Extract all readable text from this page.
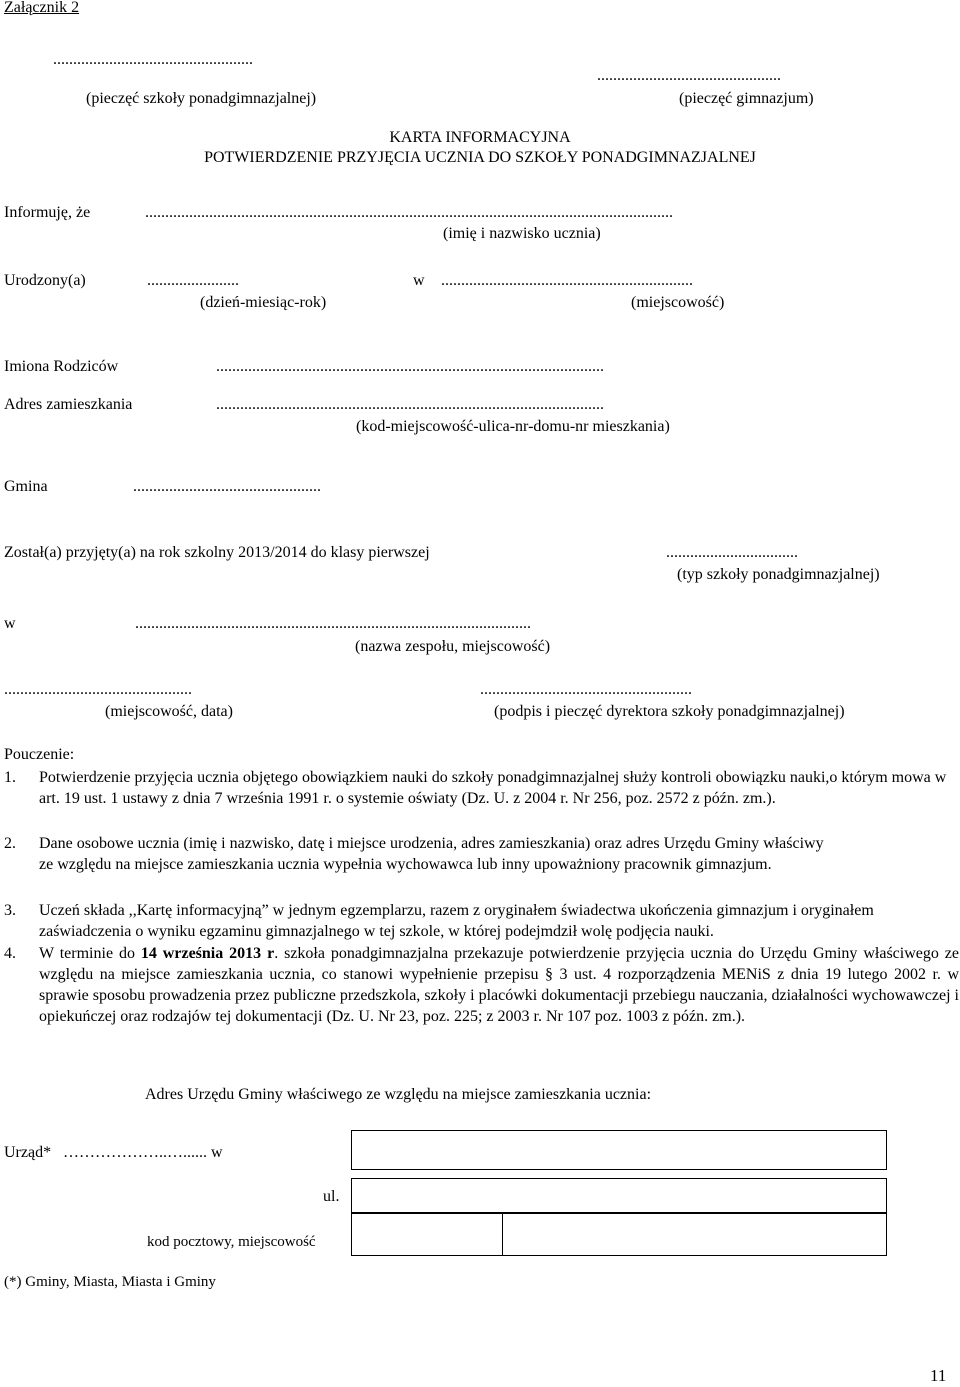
Załącznik 2
..................................................
..............................................
(pieczęć szkoły ponadgimnazjalnej)	(pieczęć gimnazjum)
KARTA INFORMACYJNA
POTWIERDZENIE PRZYJĘCIA UCZNIA DO SZKOŁY PONADGIMNAZJALNEJ
Informuję, że	....................................................................................................................................
(imię i nazwisko ucznia)
Urodzony(a)	.......................	w ...............................................................
(dzień-miesiąc-rok)	(miejscowość)
Imiona Rodziców	.................................................................................................
Adres zamieszkania	.................................................................................................
(kod-miejscowość-ulica-nr-domu-nr mieszkania)
Gmina	...............................................
Został(a) przyjęty(a) na rok szkolny 2013/2014 do klasy pierwszej	.................................
(typ szkoły ponadgimnazjalnej)
w	...................................................................................................
(nazwa zespołu, miejscowość)
...............................................	.....................................................
(miejscowość, data)	(podpis i pieczęć dyrektora szkoły ponadgimnazjalnej)
Pouczenie:
1. Potwierdzenie przyjęcia ucznia objętego obowiązkiem nauki do szkoły ponadgimnazjalnej służy kontroli obowiązku nauki,o którym mowa w art. 19 ust. 1 ustawy z dnia 7 września 1991 r. o systemie oświaty (Dz. U. z 2004 r. Nr 256, poz. 2572 z późn. zm.).
2. Dane osobowe ucznia (imię i nazwisko, datę i miejsce urodzenia, adres zamieszkania) oraz adres Urzędu Gminy właściwy
ze względu na miejsce zamieszkania ucznia wypełnia wychowawca lub inny upoważniony pracownik gimnazjum.
3. Uczeń składa ,,Kartę informacyjną” w jednym egzemplarzu, razem z oryginałem świadectwa ukończenia gimnazjum i oryginałem zaświadczenia o wyniku egzaminu gimnazjalnego w tej szkole, w której podejmdził wolę podjęcia nauki.
4. W terminie do 14 września 2013 r. szkoła ponadgimnazjalna przekazuje potwierdzenie przyjęcia ucznia do Urzędu Gminy właściwego ze względu na miejsce zamieszkania ucznia, co stanowi wypełnienie przepisu § 3 ust. 4 rozporządzenia MENiS z dnia 19 lutego 2002 r. w sprawie sposobu prowadzenia przez publiczne przedszkola, szkoły i placówki dokumentacji przebiegu nauczania, działalności wychowawczej i opiekuńczej oraz rodzajów tej dokumentacji (Dz. U. Nr 23, poz. 225; z 2003 r. Nr 107 poz. 1003 z późn. zm.).
Adres Urzędu Gminy właściwego ze względu na miejsce zamieszkania ucznia:
Urząd* ………………..…...... w
ul.
kod pocztowy, miejscowość
(*) Gminy, Miasta, Miasta i Gminy
11
